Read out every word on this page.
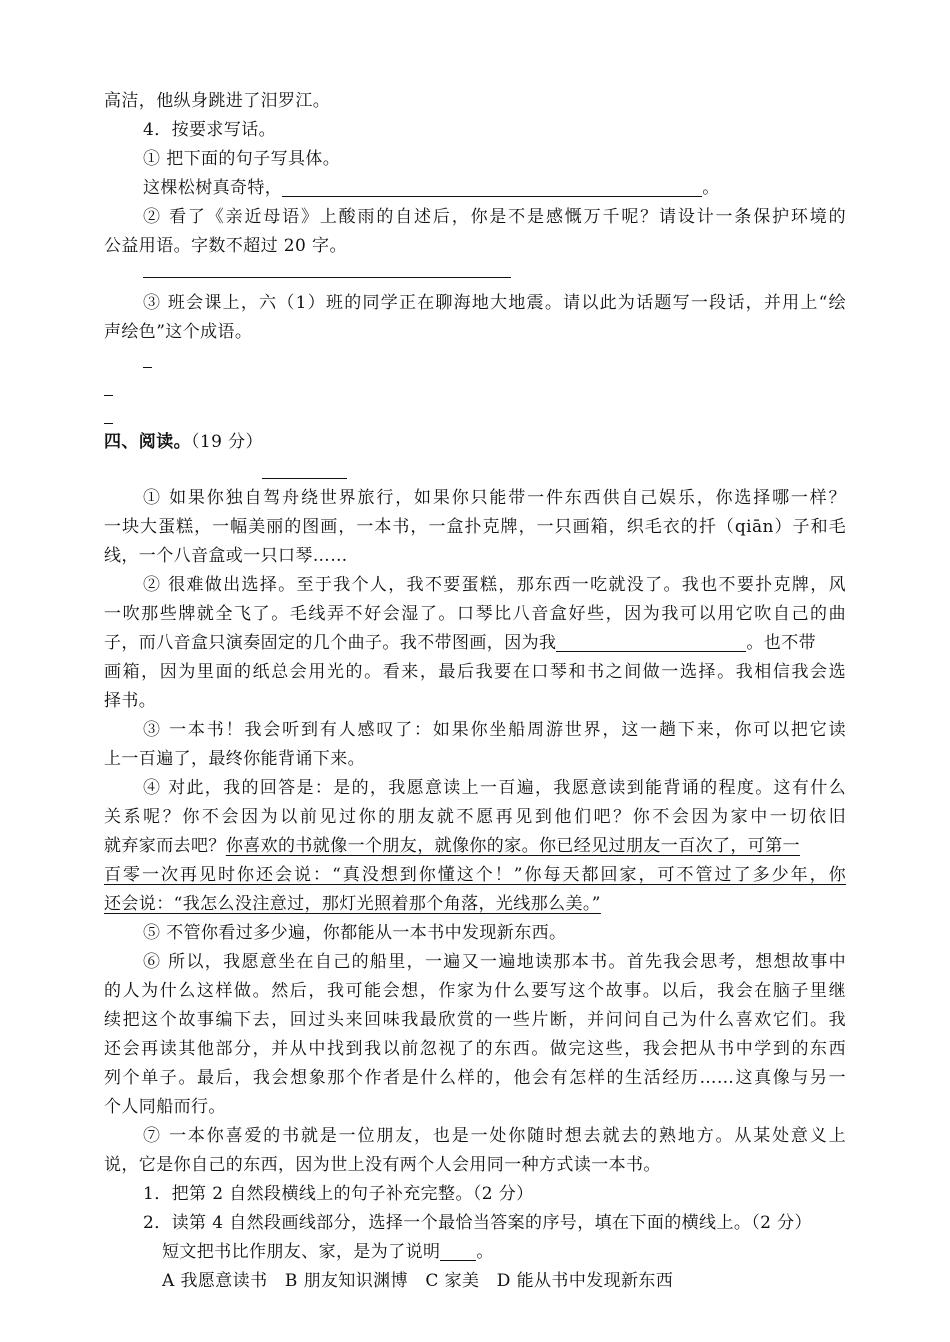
高洁，他纵身跳进了汨罗江。
4．按要求写话。
① 把下面的句子写具体。
这棵松树真奇特，	。
② 看了《亲近母语》上酸雨的自述后，你是不是感慨万千呢？请设计一条保护环境的
公益用语。字数不超过 20 字。
③ 班会课上，六（1）班的同学正在聊海地大地震。请以此为话题写一段话，并用上“绘
声绘色”这个成语。
四、阅读。（19 分）
① 如果你独自驾舟绕世界旅行，如果你只能带一件东西供自己娱乐，你选择哪一样？
一块大蛋糕，一幅美丽的图画，一本书，一盒扑克牌，一只画箱，织毛衣的扦（qiān）子和毛
线，一个八音盒或一只口琴……
② 很难做出选择。至于我个人，我不要蛋糕，那东西一吃就没了。我也不要扑克牌，风
一吹那些牌就全飞了。毛线弄不好会湿了。口琴比八音盒好些，因为我可以用它吹自己的曲
子，而八音盒只演奏固定的几个曲子。我不带图画，因为我	。也不带
画箱，因为里面的纸总会用光的。看来，最后我要在口琴和书之间做一选择。我相信我会选
择书。
③ 一本书！我会听到有人感叹了：如果你坐船周游世界，这一趟下来，你可以把它读
上一百遍了，最终你能背诵下来。
④ 对此，我的回答是：是的，我愿意读上一百遍，我愿意读到能背诵的程度。这有什么
关系呢？你不会因为以前见过你的朋友就不愿再见到他们吧？你不会因为家中一切依旧
就弃家而去吧？你喜欢的书就像一个朋友，就像你的家。你已经见过朋友一百次了，可第一
百零一次再见时你还会说：“真没想到你懂这个！”你每天都回家，可不管过了多少年，你
还会说：“我怎么没注意过，那灯光照着那个角落，光线那么美。”
⑤ 不管你看过多少遍，你都能从一本书中发现新东西。
⑥ 所以，我愿意坐在自己的船里，一遍又一遍地读那本书。首先我会思考，想想故事中
的人为什么这样做。然后，我可能会想，作家为什么要写这个故事。以后，我会在脑子里继
续把这个故事编下去，回过头来回味我最欣赏的一些片断，并问问自己为什么喜欢它们。我
还会再读其他部分，并从中找到我以前忽视了的东西。做完这些，我会把从书中学到的东西
列个单子。最后，我会想象那个作者是什么样的，他会有怎样的生活经历……这真像与另一
个人同船而行。
⑦ 一本你喜爱的书就是一位朋友，也是一处你随时想去就去的熟地方。从某处意义上
说，它是你自己的东西，因为世上没有两个人会用同一种方式读一本书。
1．把第 2 自然段横线上的句子补充完整。（2 分）
2．读第 4 自然段画线部分，选择一个最恰当答案的序号，填在下面的横线上。（2 分）
短文把书比作朋友、家，是为了说明 。
A 我愿意读书　B 朋友知识渊博　C 家美　D 能从书中发现新东西
